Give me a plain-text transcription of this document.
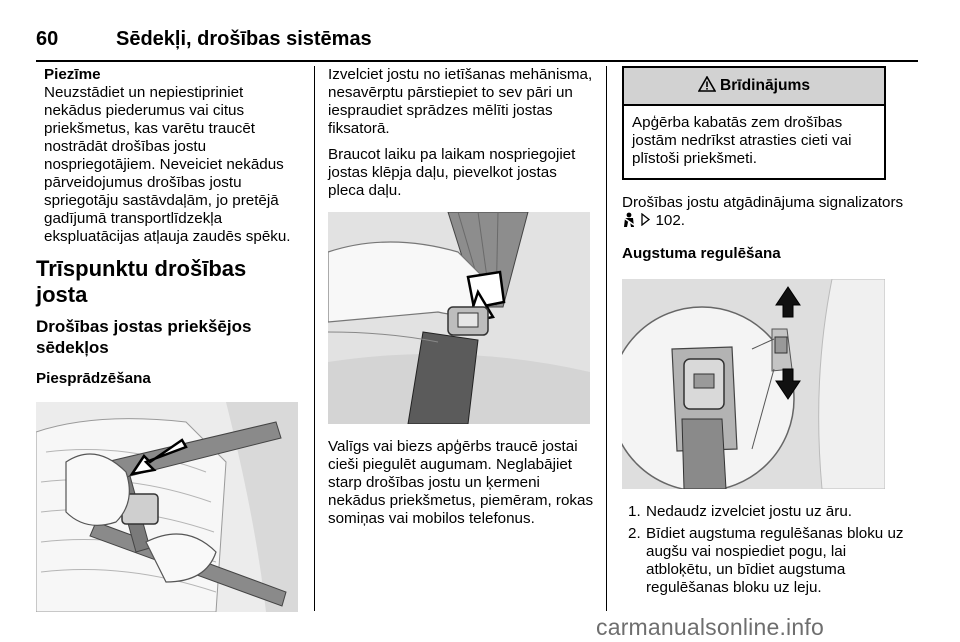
60	Sēdekļi, drošības sistēmas

Piezīme

Neuzstādiet un nepiestipriniet nekādus piederumus vai citus priekšmetus, kas varētu traucēt nostrādāt drošības jostu nospriegotājiem. Neveiciet nekādus pārveidojumus drošības jostu spriegotāju sastāvdaļām, jo pretējā gadījumā transportlīdzekļa ekspluatācijas atļauja zaudēs spēku.

Trīspunktu drošības josta

Drošības jostas priekšējos sēdekļos

Piesprādzēšana

Izvelciet jostu no ietīšanas mehānisma, nesavērptu pārstiepiet to sev pāri un iespraudiet sprādzes mēlīti jostas fiksatorā.

Braucot laiku pa laikam nospriegojiet jostas klēpja daļu, pievelkot jostas pleca daļu.

Valīgs vai biezs apģērbs traucē jostai cieši piegulēt augumam. Neglabājiet starp drošības jostu un ķermeni nekādus priekšmetus, piemēram, rokas somiņas vai mobilos telefonus.

Brīdinājums

Apģērba kabatās zem drošības jostām nedrīkst atrasties cieti vai plīstoši priekšmeti.

Drošības jostu atgādinājuma signalizators   102.

Augstuma regulēšana

1. Nedaudz izvelciet jostu uz āru.
2. Bīdiet augstuma regulēšanas bloku uz augšu vai nospiediet pogu, lai atbloķētu, un bīdiet augstuma regulēšanas bloku uz leju.
carmanualsonline.info
